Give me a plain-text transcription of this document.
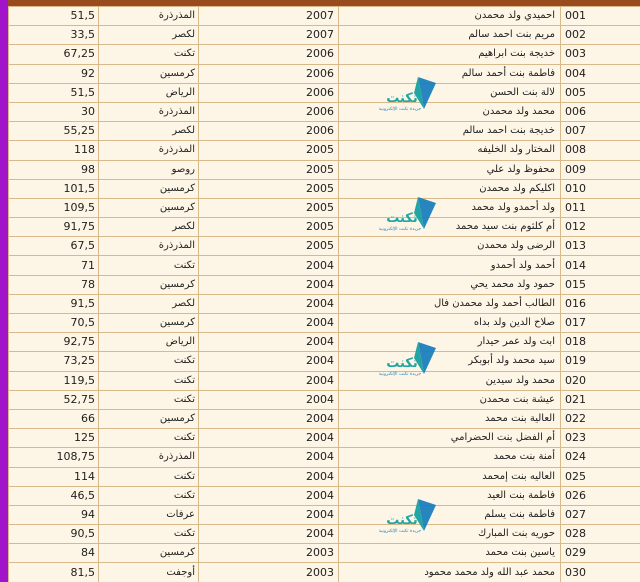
51,5	المذرذرة	2007	احميدي ولد محمدن	001
33,5	لكصر	2007	مريم بنت احمد سالم	002
67,25	تكنت	2006	خديجة بنت ابراهيم	003
92	كرمسين	2006	فاطمة بنت أحمد سالم	004
51,5	الرياض	2006	لالة بنت الحسن	005
30	المذرذرة	2006	محمد ولد محمدن	006
55,25	لكصر	2006	خديجة بنت احمد سالم	007
118	المذرذرة	2005	المختار ولد الخليفه	008
98	روصو	2005	محفوظ ولد علي	009
101,5	كرمسين	2005	اكليكم ولد محمدن	010
109,5	كرمسين	2005	ولد أحمدو ولد محمد	011
91,75	لكصر	2005	أم كلثوم بنت سيد محمد	012
67,5	المذرذرة	2005	الرضى ولد محمدن	013
71	تكنت	2004	أحمد ولد أحمدو	014
78	كرمسين	2004	حمود ولد محمد يحي	015
91,5	لكصر	2004	الطالب أحمد ولد محمدن فال	016
70,5	كرمسين	2004	صلاح الدين ولد بداه	017
92,75	الرياض	2004	ابت ولد عمر حيدار	018
73,25	تكنت	2004	سيد محمد ولد أبوبكر	019
119,5	تكنت	2004	محمد ولد سيدين	020
52,75	تكنت	2004	عيشة بنت محمدن	021
66	كرمسين	2004	العالية بنت محمد	022
125	تكنت	2004	أم الفضل بنت الحضرامي	023
108,75	المذرذرة	2004	أمنة بنت محمد	024
114	تكنت	2004	العاليه بنت إمحمد	025
46,5	تكنت	2004	فاطمة بنت العيد	026
94	عرفات	2004	فاطمة بنت يسلم	027
90,5	تكنت	2004	حوريه بنت المبارك	028
84	كرمسين	2003	ياسين بنت محمد	029
81,5	أوجفت	2003	محمد عبد الله ولد محمد محمود	030
تكنت
جريدة تكنت الإلكترونية
تكنت
جريدة تكنت الإلكترونية
تكنت
جريدة تكنت الإلكترونية
تكنت
جريدة تكنت الإلكترونية
